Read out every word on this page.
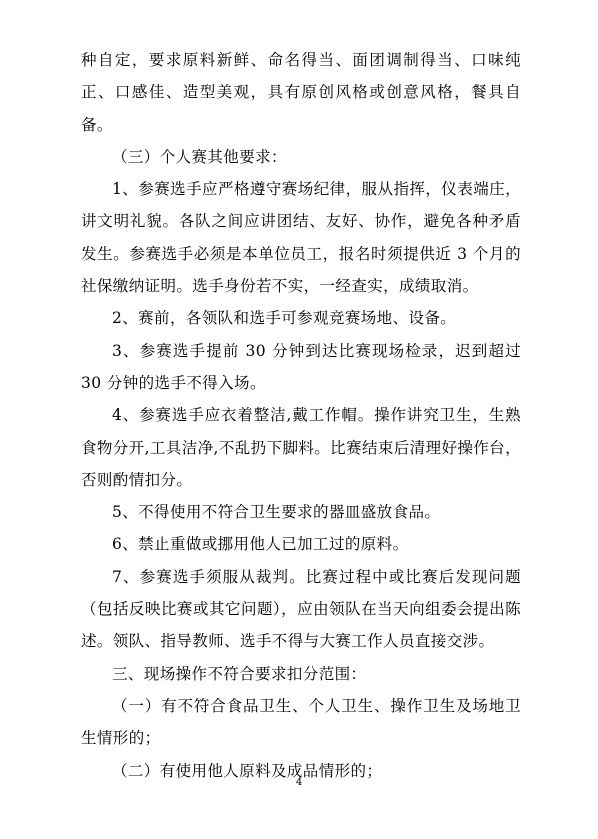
种自定，要求原料新鲜、命名得当、面团调制得当、口味纯正、口感佳、造型美观，具有原创风格或创意风格，餐具自备。

（三）个人赛其他要求：

1、参赛选手应严格遵守赛场纪律，服从指挥，仪表端庄，讲文明礼貌。各队之间应讲团结、友好、协作，避免各种矛盾发生。参赛选手必须是本单位员工，报名时须提供近 3 个月的社保缴纳证明。选手身份若不实，一经查实，成绩取消。

2、赛前，各领队和选手可参观竞赛场地、设备。

3、参赛选手提前 30 分钟到达比赛现场检录，迟到超过 30 分钟的选手不得入场。

4、参赛选手应衣着整洁,戴工作帽。操作讲究卫生，生熟食物分开,工具洁净,不乱扔下脚料。比赛结束后清理好操作台，否则酌情扣分。

5、不得使用不符合卫生要求的器皿盛放食品。

6、禁止重做或挪用他人已加工过的原料。

7、参赛选手须服从裁判。比赛过程中或比赛后发现问题（包括反映比赛或其它问题），应由领队在当天向组委会提出陈述。领队、指导教师、选手不得与大赛工作人员直接交涉。

三、现场操作不符合要求扣分范围：

（一）有不符合食品卫生、个人卫生、操作卫生及场地卫生情形的；

（二）有使用他人原料及成品情形的；

4
